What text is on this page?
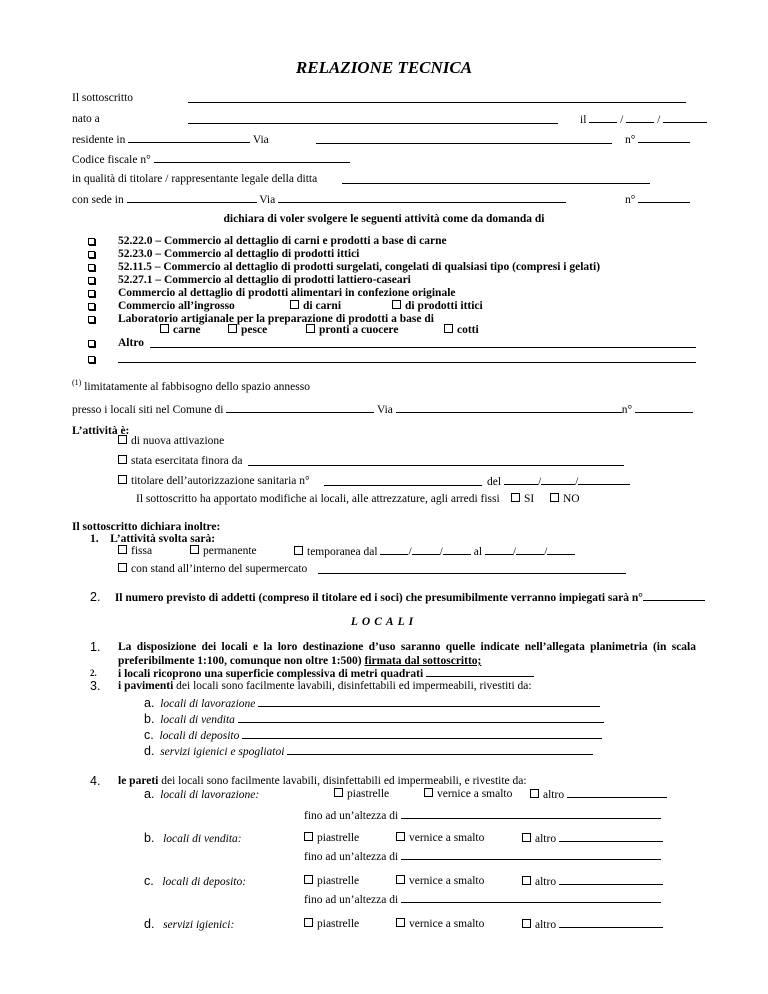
RELAZIONE TECNICA
Il sottoscritto
nato a	il	/	/
residente in	Via	n°
Codice fiscale n°
in qualità di titolare / rappresentante legale della ditta
con sede in	Via	n°
dichiara di voler svolgere le seguenti attività come da domanda di
52.22.0 – Commercio al dettaglio di carni e prodotti a base di carne
52.23.0 – Commercio al dettaglio di prodotti ittici
52.11.5 – Commercio al dettaglio di prodotti surgelati, congelati di qualsiasi tipo (compresi i gelati)
52.27.1 – Commercio al dettaglio di prodotti lattiero-caseari
Commercio al dettaglio di prodotti alimentari in confezione originale
Commercio all’ingrosso	di carni	di prodotti ittici
Laboratorio artigianale per la preparazione di prodotti a base di
carne	pesce	pronti a cuocere	cotti
Altro
$^{(1)}$ limitatamente al fabbisogno dello spazio annesso
presso i locali siti nel Comune di	Via	n°
L’attività è:
di nuova attivazione
stata esercitata finora da
titolare dell’autorizzazione sanitaria n°	del	/	/
Il sottoscritto ha apportato modifiche ai locali, alle attrezzature, agli arredi fissi	SI	NO
Il sottoscritto dichiara inoltre:
1. L’attività svolta sarà:
fissa	permanente	temporanea dal	/ /	al	/ /
con stand all’interno del supermercato
2. Il numero previsto di addetti (compreso il titolare ed i soci) che presumibilmente verranno impiegati sarà n°
LOCALI
1. La disposizione dei locali e la loro destinazione d’uso saranno quelle indicate nell’allegata planimetria (in scala preferibilmente 1:100, comunque non oltre 1:500) firmata dal sottoscritto;
2. i locali ricoprono una superficie complessiva di metri quadrati
3. i pavimenti dei locali sono facilmente lavabili, disinfettabili ed impermeabili, rivestiti da:
a. locali di lavorazione
b. locali di vendita
c. locali di deposito
d. servizi igienici e spogliatoi
4. le pareti dei locali sono facilmente lavabili, disinfettabili ed impermeabili, e rivestite da:
a. locali di lavorazione:	piastrelle	vernice a smalto	altro
fino ad un’altezza di
b. locali di vendita:	piastrelle	vernice a smalto	altro
fino ad un’altezza di
c. locali di deposito:	piastrelle	vernice a smalto	altro
fino ad un’altezza di
d. servizi igienici:	piastrelle	vernice a smalto	altro
